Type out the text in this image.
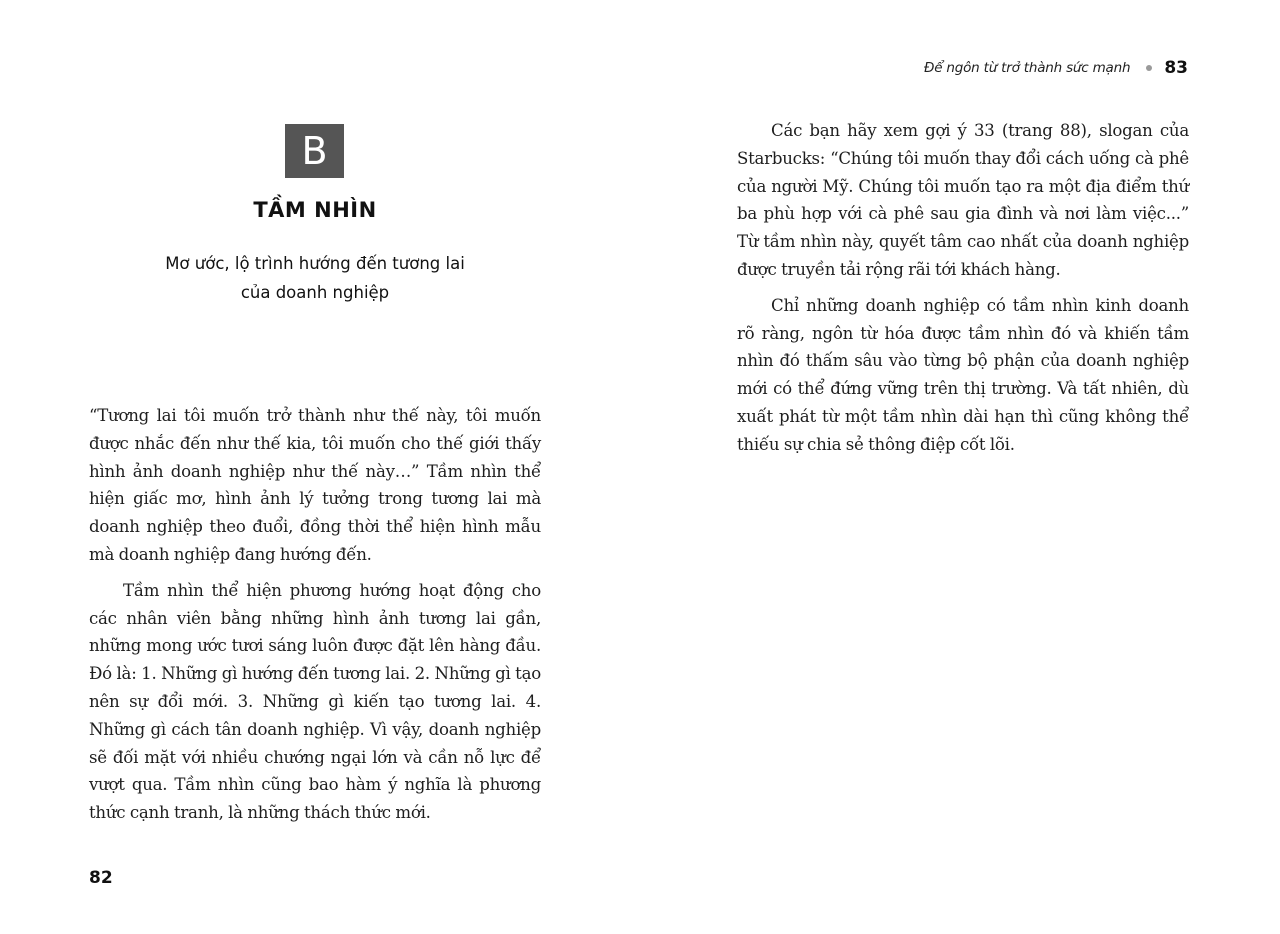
B
TẦM NHÌN
Mơ ước, lộ trình hướng đến tương lai
của doanh nghiệp

“Tương lai tôi muốn trở thành như thế này, tôi muốn được nhắc đến như thế kia, tôi muốn cho thế giới thấy hình ảnh doanh nghiệp như thế này…” Tầm nhìn thể hiện giấc mơ, hình ảnh lý tưởng trong tương lai mà doanh nghiệp theo đuổi, đồng thời thể hiện hình mẫu mà doanh nghiệp đang hướng đến.

Tầm nhìn thể hiện phương hướng hoạt động cho các nhân viên bằng những hình ảnh tương lai gần, những mong ước tươi sáng luôn được đặt lên hàng đầu. Đó là: 1. Những gì hướng đến tương lai. 2. Những gì tạo nên sự đổi mới. 3. Những gì kiến tạo tương lai. 4. Những gì cách tân doanh nghiệp. Vì vậy, doanh nghiệp sẽ đối mặt với nhiều chướng ngại lớn và cần nỗ lực để vượt qua. Tầm nhìn cũng bao hàm ý nghĩa là phương thức cạnh tranh, là những thách thức mới.

82
Để ngôn từ trở thành sức mạnh 83

Các bạn hãy xem gợi ý 33 (trang 88), slogan của Starbucks: “Chúng tôi muốn thay đổi cách uống cà phê của người Mỹ. Chúng tôi muốn tạo ra một địa điểm thứ ba phù hợp với cà phê sau gia đình và nơi làm việc...” Từ tầm nhìn này, quyết tâm cao nhất của doanh nghiệp được truyền tải rộng rãi tới khách hàng.

Chỉ những doanh nghiệp có tầm nhìn kinh doanh rõ ràng, ngôn từ hóa được tầm nhìn đó và khiến tầm nhìn đó thấm sâu vào từng bộ phận của doanh nghiệp mới có thể đứng vững trên thị trường. Và tất nhiên, dù xuất phát từ một tầm nhìn dài hạn thì cũng không thể thiếu sự chia sẻ thông điệp cốt lõi.
